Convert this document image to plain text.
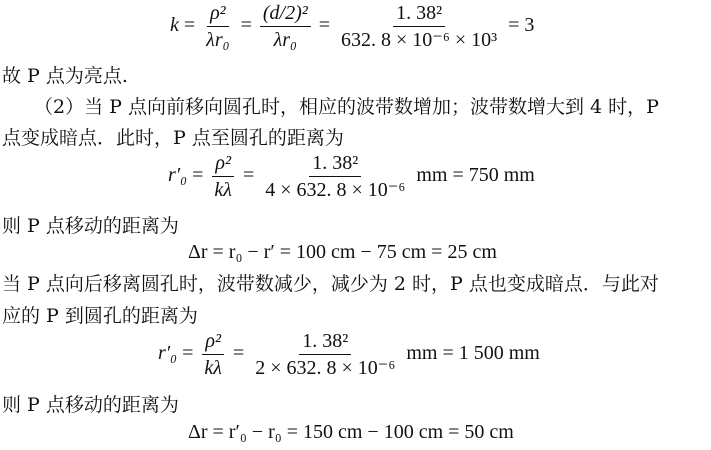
$k = \frac{\text{ρ²}}{\text{λr₀}} = \frac{\text{(d/2)²}}{\text{λr₀}} = \frac{\text{1. 38²}}{\text{632. 8 × 10⁻⁶ × 10³}} = 3$
故 P 点为亮点.
（2）当 P 点向前移向圆孔时，相应的波带数增加；波带数增大到 4 时，P
点变成暗点．此时，P 点至圆孔的距离为
$r'_0 = \frac{\text{ρ²}}{k\lambda} = \frac{\text{1. 38²}}{\text{4 × 632. 8 × 10⁻⁶}}$ mm = 750 mm
则 P 点移动的距离为
Δr = r₀ − r′ = 100 cm − 75 cm = 25 cm
当 P 点向后移离圆孔时，波带数减少，减少为 2 时，P 点也变成暗点．与此对
应的 P 到圆孔的距离为
$r'_0 = \frac{\text{ρ²}}{k\lambda} = \frac{\text{1. 38²}}{\text{2 × 632. 8 × 10⁻⁶}}$ mm = 1 500 mm
则 P 点移动的距离为
Δr = r′₀ − r₀ = 150 cm − 100 cm = 50 cm
